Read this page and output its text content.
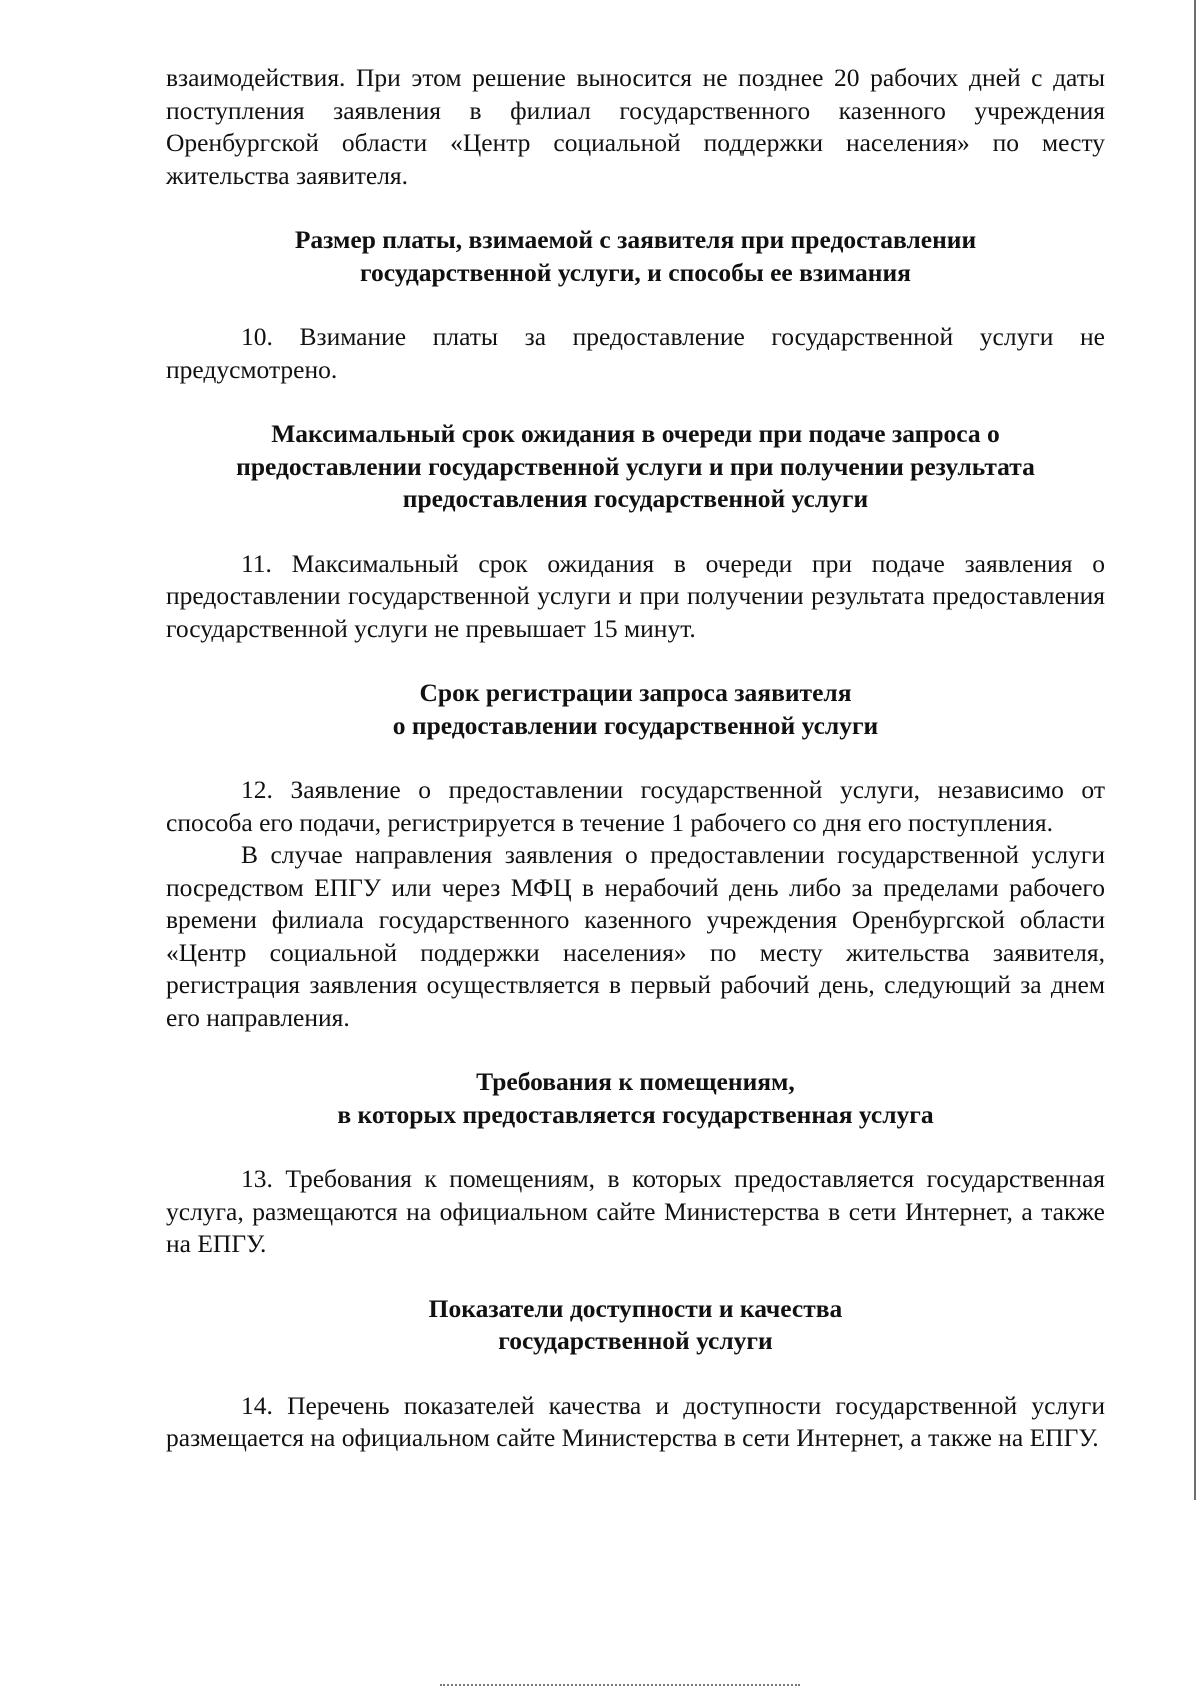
взаимодействия. При этом решение выносится не позднее 20 рабочих дней с даты поступления заявления в филиал государственного казенного учреждения Оренбургской области «Центр социальной поддержки населения» по месту жительства заявителя.

Размер платы, взимаемой с заявителя при предоставлении
государственной услуги, и способы ее взимания

10. Взимание платы за предоставление государственной услуги не предусмотрено.

Максимальный срок ожидания в очереди при подаче запроса о
предоставлении государственной услуги и при получении результата
предоставления государственной услуги

11. Максимальный срок ожидания в очереди при подаче заявления о предоставлении государственной услуги и при получении результата предоставления государственной услуги не превышает 15 минут.

Срок регистрации запроса заявителя
о предоставлении государственной услуги

12. Заявление о предоставлении государственной услуги, независимо от способа его подачи, регистрируется в течение 1 рабочего со дня его поступления.

В случае направления заявления о предоставлении государственной услуги посредством ЕПГУ или через МФЦ в нерабочий день либо за пределами рабочего времени филиала государственного казенного учреждения Оренбургской области «Центр социальной поддержки населения» по месту жительства заявителя, регистрация заявления осуществляется в первый рабочий день, следующий за днем его направления.

Требования к помещениям,
в которых предоставляется государственная услуга

13. Требования к помещениям, в которых предоставляется государственная услуга, размещаются на официальном сайте Министерства в сети Интернет, а также на ЕПГУ.

Показатели доступности и качества
государственной услуги

14. Перечень показателей качества и доступности государственной услуги размещается на официальном сайте Министерства в сети Интернет, а также на ЕПГУ.
